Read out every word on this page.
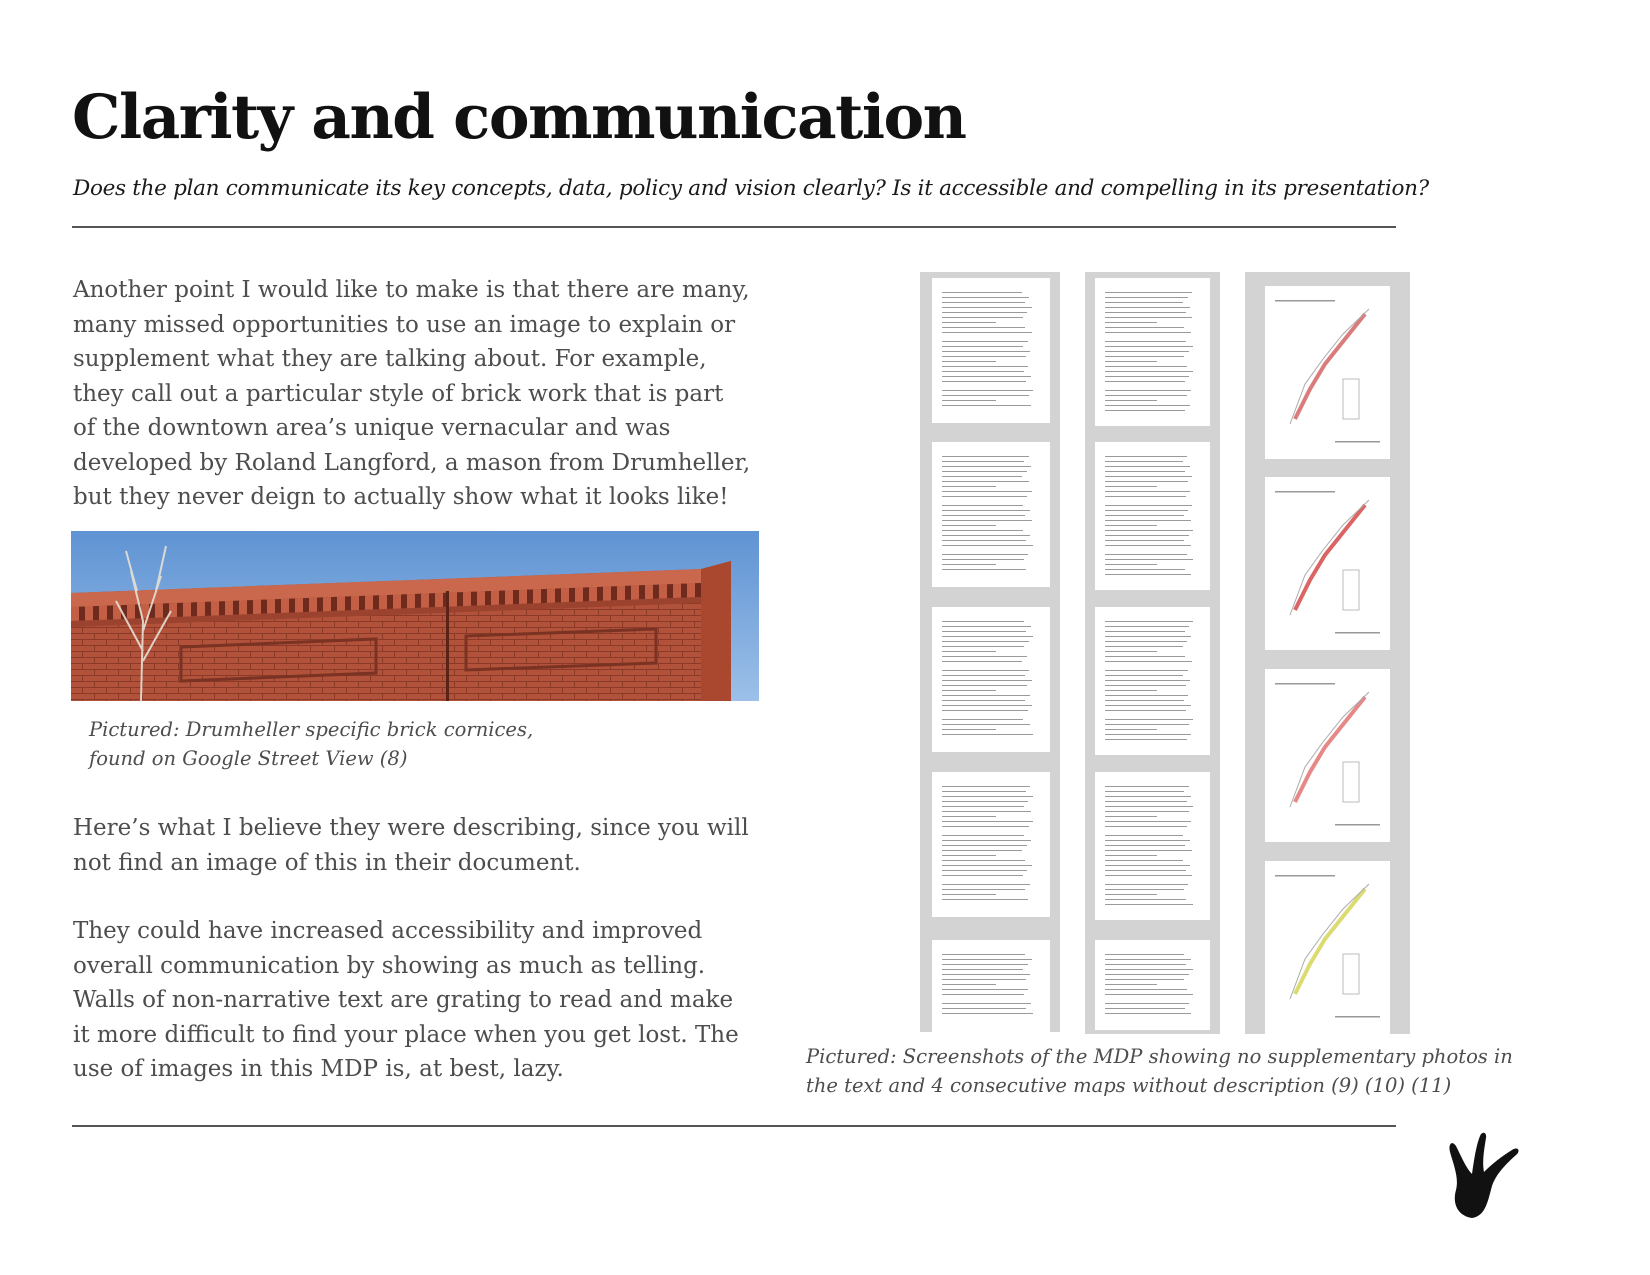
Clarity and communication

Does the plan communicate its key concepts, data, policy and vision clearly? Is it accessible and compelling in its presentation?

Another point I would like to make is that there are many, many missed opportunities to use an image to explain or supplement what they are talking about. For example, they call out a particular style of brick work that is part of the downtown area’s unique vernacular and was developed by Roland Langford, a mason from Drumheller, but they never deign to actually show what it looks like!

Pictured: Drumheller specific brick cornices, found on Google Street View (8)

Here’s what I believe they were describing, since you will not find an image of this in their document.

They could have increased accessibility and improved overall communication by showing as much as telling. Walls of non-narrative text are grating to read and make it more difficult to find your place when you get lost. The use of images in this MDP is, at best, lazy.	Pictured: Screenshots of the MDP showing no supplementary photos in the text and 4 consecutive maps without description (9) (10) (11)
